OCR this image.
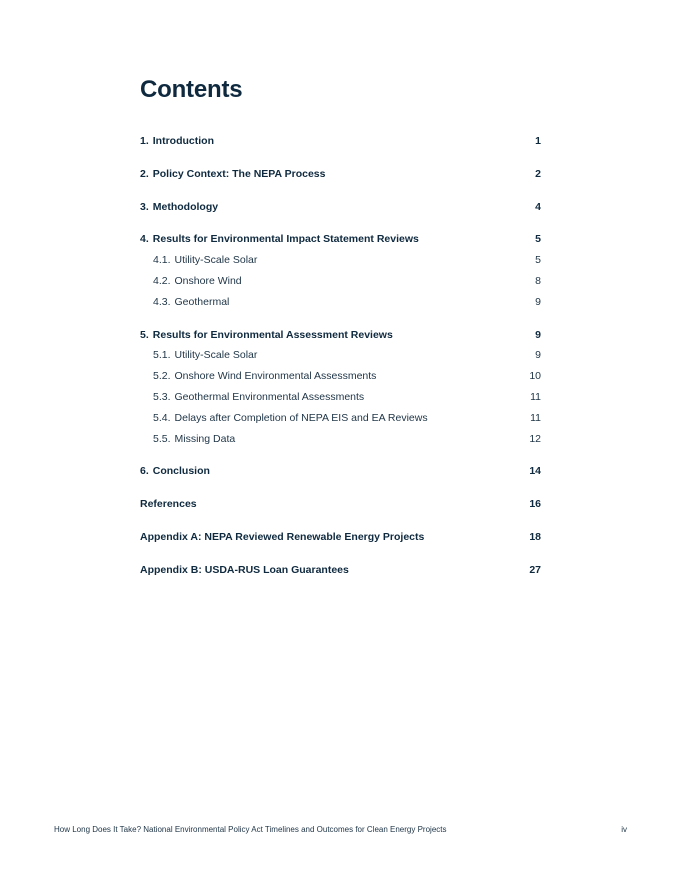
Contents
1. Introduction	1
2. Policy Context: The NEPA Process	2
3. Methodology	4
4. Results for Environmental Impact Statement Reviews	5
4.1. Utility-Scale Solar	5
4.2. Onshore Wind	8
4.3. Geothermal	9
5. Results for Environmental Assessment Reviews	9
5.1. Utility-Scale Solar	9
5.2. Onshore Wind Environmental Assessments	10
5.3. Geothermal Environmental Assessments	11
5.4. Delays after Completion of NEPA EIS and EA Reviews	11
5.5. Missing Data	12
6. Conclusion	14
References	16
Appendix A: NEPA Reviewed Renewable Energy Projects	18
Appendix B: USDA-RUS Loan Guarantees	27
How Long Does It Take? National Environmental Policy Act Timelines and Outcomes for Clean Energy Projects	iv
